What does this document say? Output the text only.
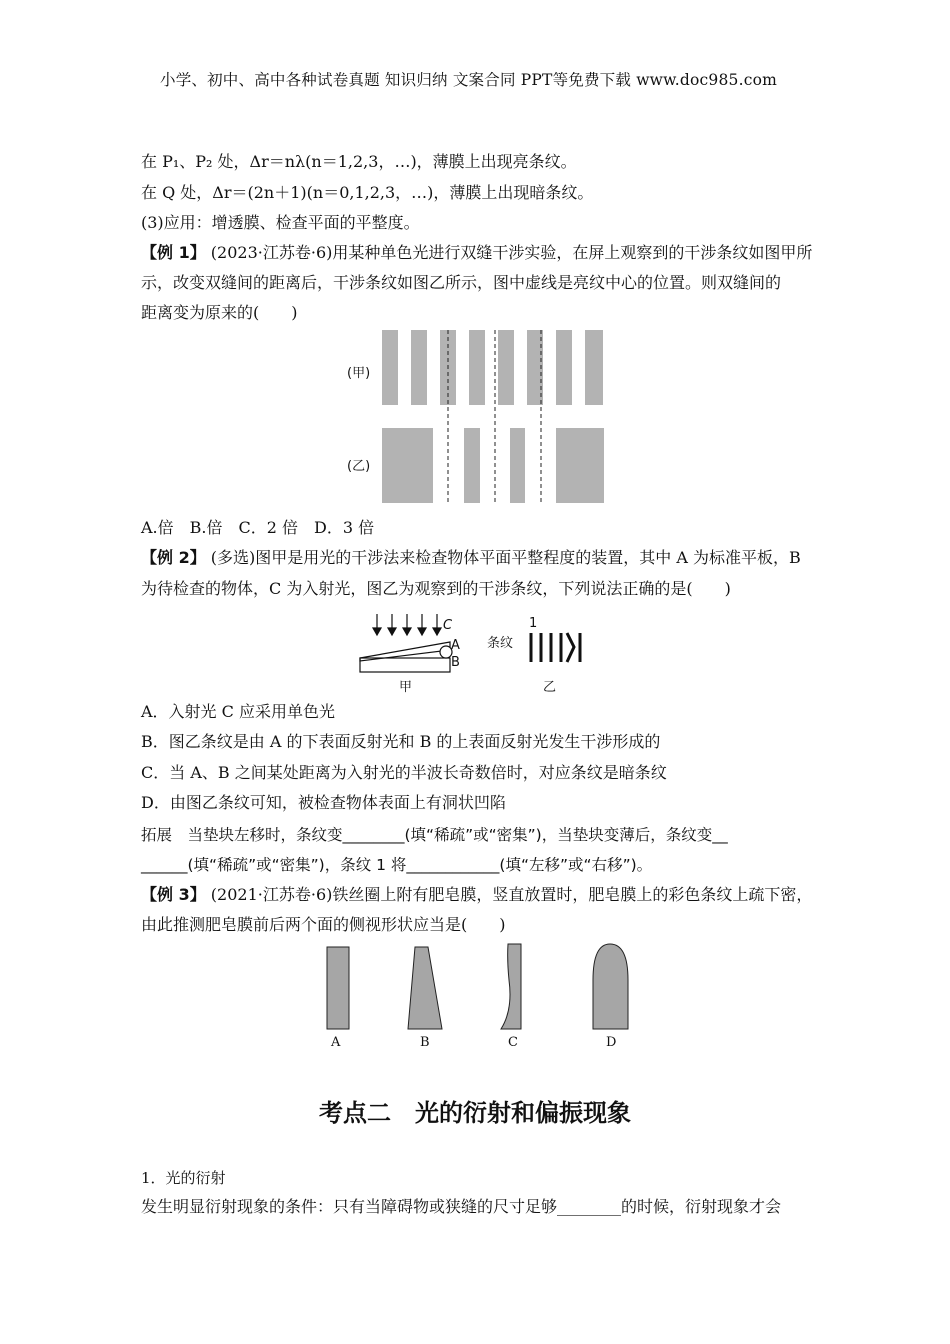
小学、初中、高中各种试卷真题 知识归纳 文案合同 PPT等免费下载 www.doc985.com
在 P₁、P₂ 处，Δr＝nλ(n＝1,2,3，…)，薄膜上出现亮条纹。
在 Q 处，Δr＝(2n＋1)(n＝0,1,2,3，…)，薄膜上出现暗条纹。
(3)应用：增透膜、检查平面的平整度。
【例 1】 (2023·江苏卷·6)用某种单色光进行双缝干涉实验，在屏上观察到的干涉条纹如图甲所
示，改变双缝间的距离后，干涉条纹如图乙所示，图中虚线是亮纹中心的位置。则双缝间的
距离变为原来的(　　)
(甲)
(乙)
A.倍　B.倍　C．2 倍　D．3 倍
【例 2】 (多选)图甲是用光的干涉法来检查物体平面平整程度的装置，其中 A 为标准平板，B
为待检查的物体，C 为入射光，图乙为观察到的干涉条纹，下列说法正确的是(　　)
C
A
B
甲
条纹
1
乙
A．入射光 C 应采用单色光
B．图乙条纹是由 A 的下表面反射光和 B 的上表面反射光发生干涉形成的
C．当 A、B 之间某处距离为入射光的半波长奇数倍时，对应条纹是暗条纹
D．由图乙条纹可知，被检查物体表面上有洞状凹陷
拓展　当垫块左移时，条纹变________(填“稀疏”或“密集”)，当垫块变薄后，条纹变__
______(填“稀疏”或“密集”)，条纹 1 将____________(填“左移”或“右移”)。
【例 3】 (2021·江苏卷·6)铁丝圈上附有肥皂膜，竖直放置时，肥皂膜上的彩色条纹上疏下密，
由此推测肥皂膜前后两个面的侧视形状应当是(　　)
A	B	C	D
考点二　光的衍射和偏振现象
1．光的衍射
发生明显衍射现象的条件：只有当障碍物或狭缝的尺寸足够________的时候，衍射现象才会
